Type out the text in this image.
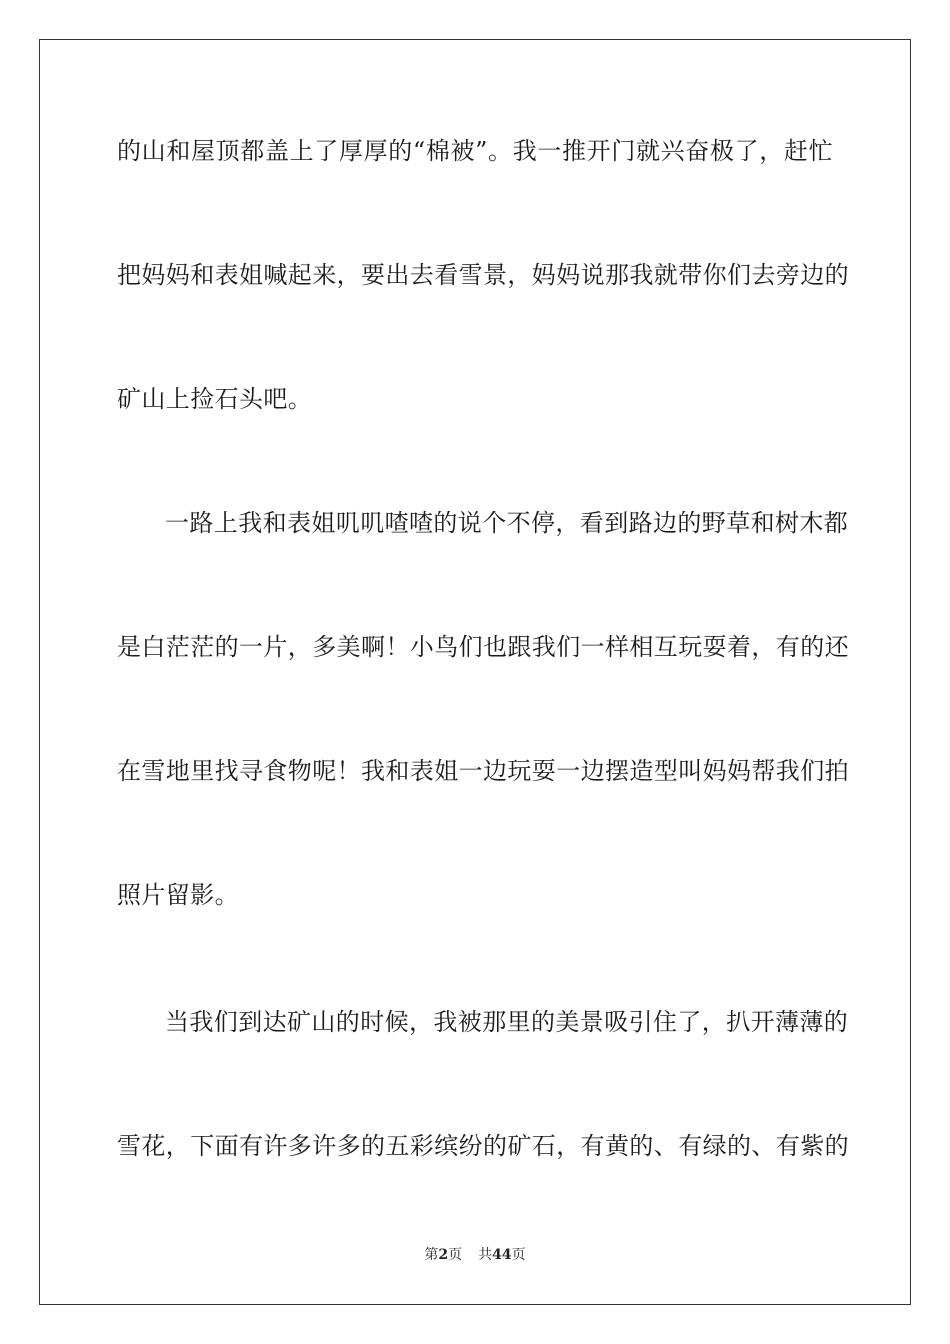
的山和屋顶都盖上了厚厚的“棉被”。我一推开门就兴奋极了，赶忙
把妈妈和表姐喊起来，要出去看雪景，妈妈说那我就带你们去旁边的
矿山上捡石头吧。
一路上我和表姐叽叽喳喳的说个不停，看到路边的野草和树木都
是白茫茫的一片，多美啊！小鸟们也跟我们一样相互玩耍着，有的还
在雪地里找寻食物呢！我和表姐一边玩耍一边摆造型叫妈妈帮我们拍
照片留影。
当我们到达矿山的时候，我被那里的美景吸引住了，扒开薄薄的
雪花，下面有许多许多的五彩缤纷的矿石，有黄的、有绿的、有紫的
第2页 共44页
